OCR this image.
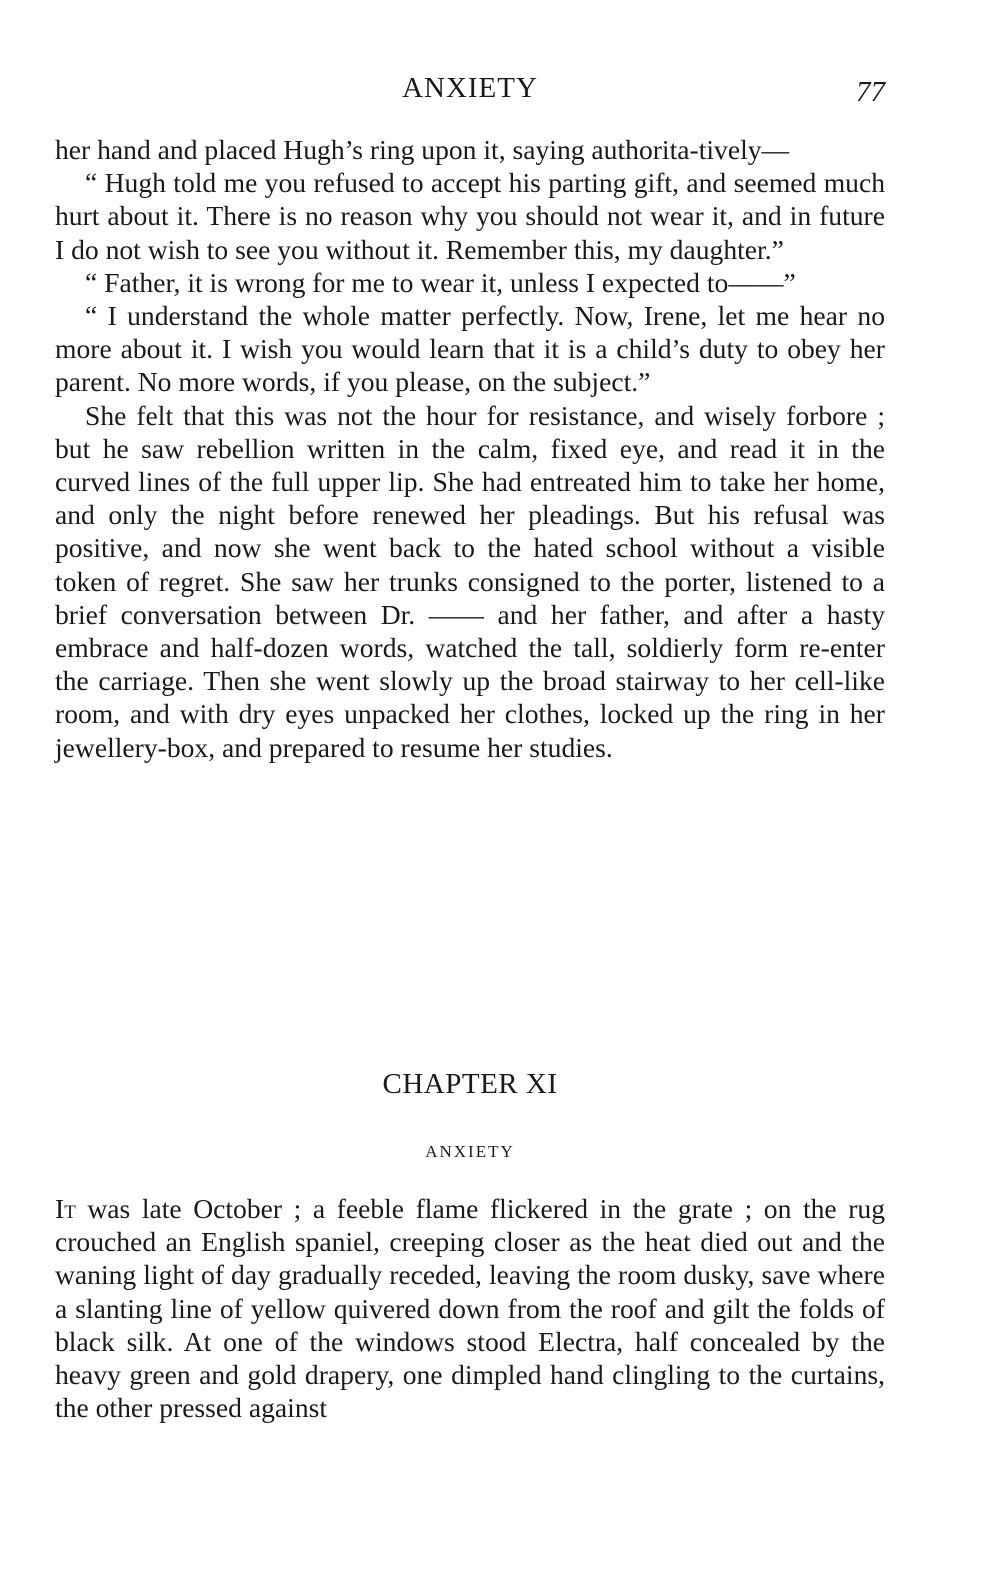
ANXIETY	77

her hand and placed Hugh’s ring upon it, saying authorita-tively—

“ Hugh told me you refused to accept his parting gift, and seemed much hurt about it. There is no reason why you should not wear it, and in future I do not wish to see you without it. Remember this, my daughter.”

“ Father, it is wrong for me to wear it, unless I expected to——”

“ I understand the whole matter perfectly. Now, Irene, let me hear no more about it. I wish you would learn that it is a child’s duty to obey her parent. No more words, if you please, on the subject.”

She felt that this was not the hour for resistance, and wisely forbore ; but he saw rebellion written in the calm, fixed eye, and read it in the curved lines of the full upper lip. She had entreated him to take her home, and only the night before renewed her pleadings. But his refusal was positive, and now she went back to the hated school without a visible token of regret. She saw her trunks consigned to the porter, listened to a brief conversation between Dr. —— and her father, and after a hasty embrace and half-dozen words, watched the tall, soldierly form re-enter the carriage. Then she went slowly up the broad stairway to her cell-like room, and with dry eyes unpacked her clothes, locked up the ring in her jewellery-box, and prepared to resume her studies.

CHAPTER XI
ANXIETY

It was late October ; a feeble flame flickered in the grate ; on the rug crouched an English spaniel, creeping closer as the heat died out and the waning light of day gradually receded, leaving the room dusky, save where a slanting line of yellow quivered down from the roof and gilt the folds of black silk. At one of the windows stood Electra, half concealed by the heavy green and gold drapery, one dimpled hand clingling to the curtains, the other pressed against
